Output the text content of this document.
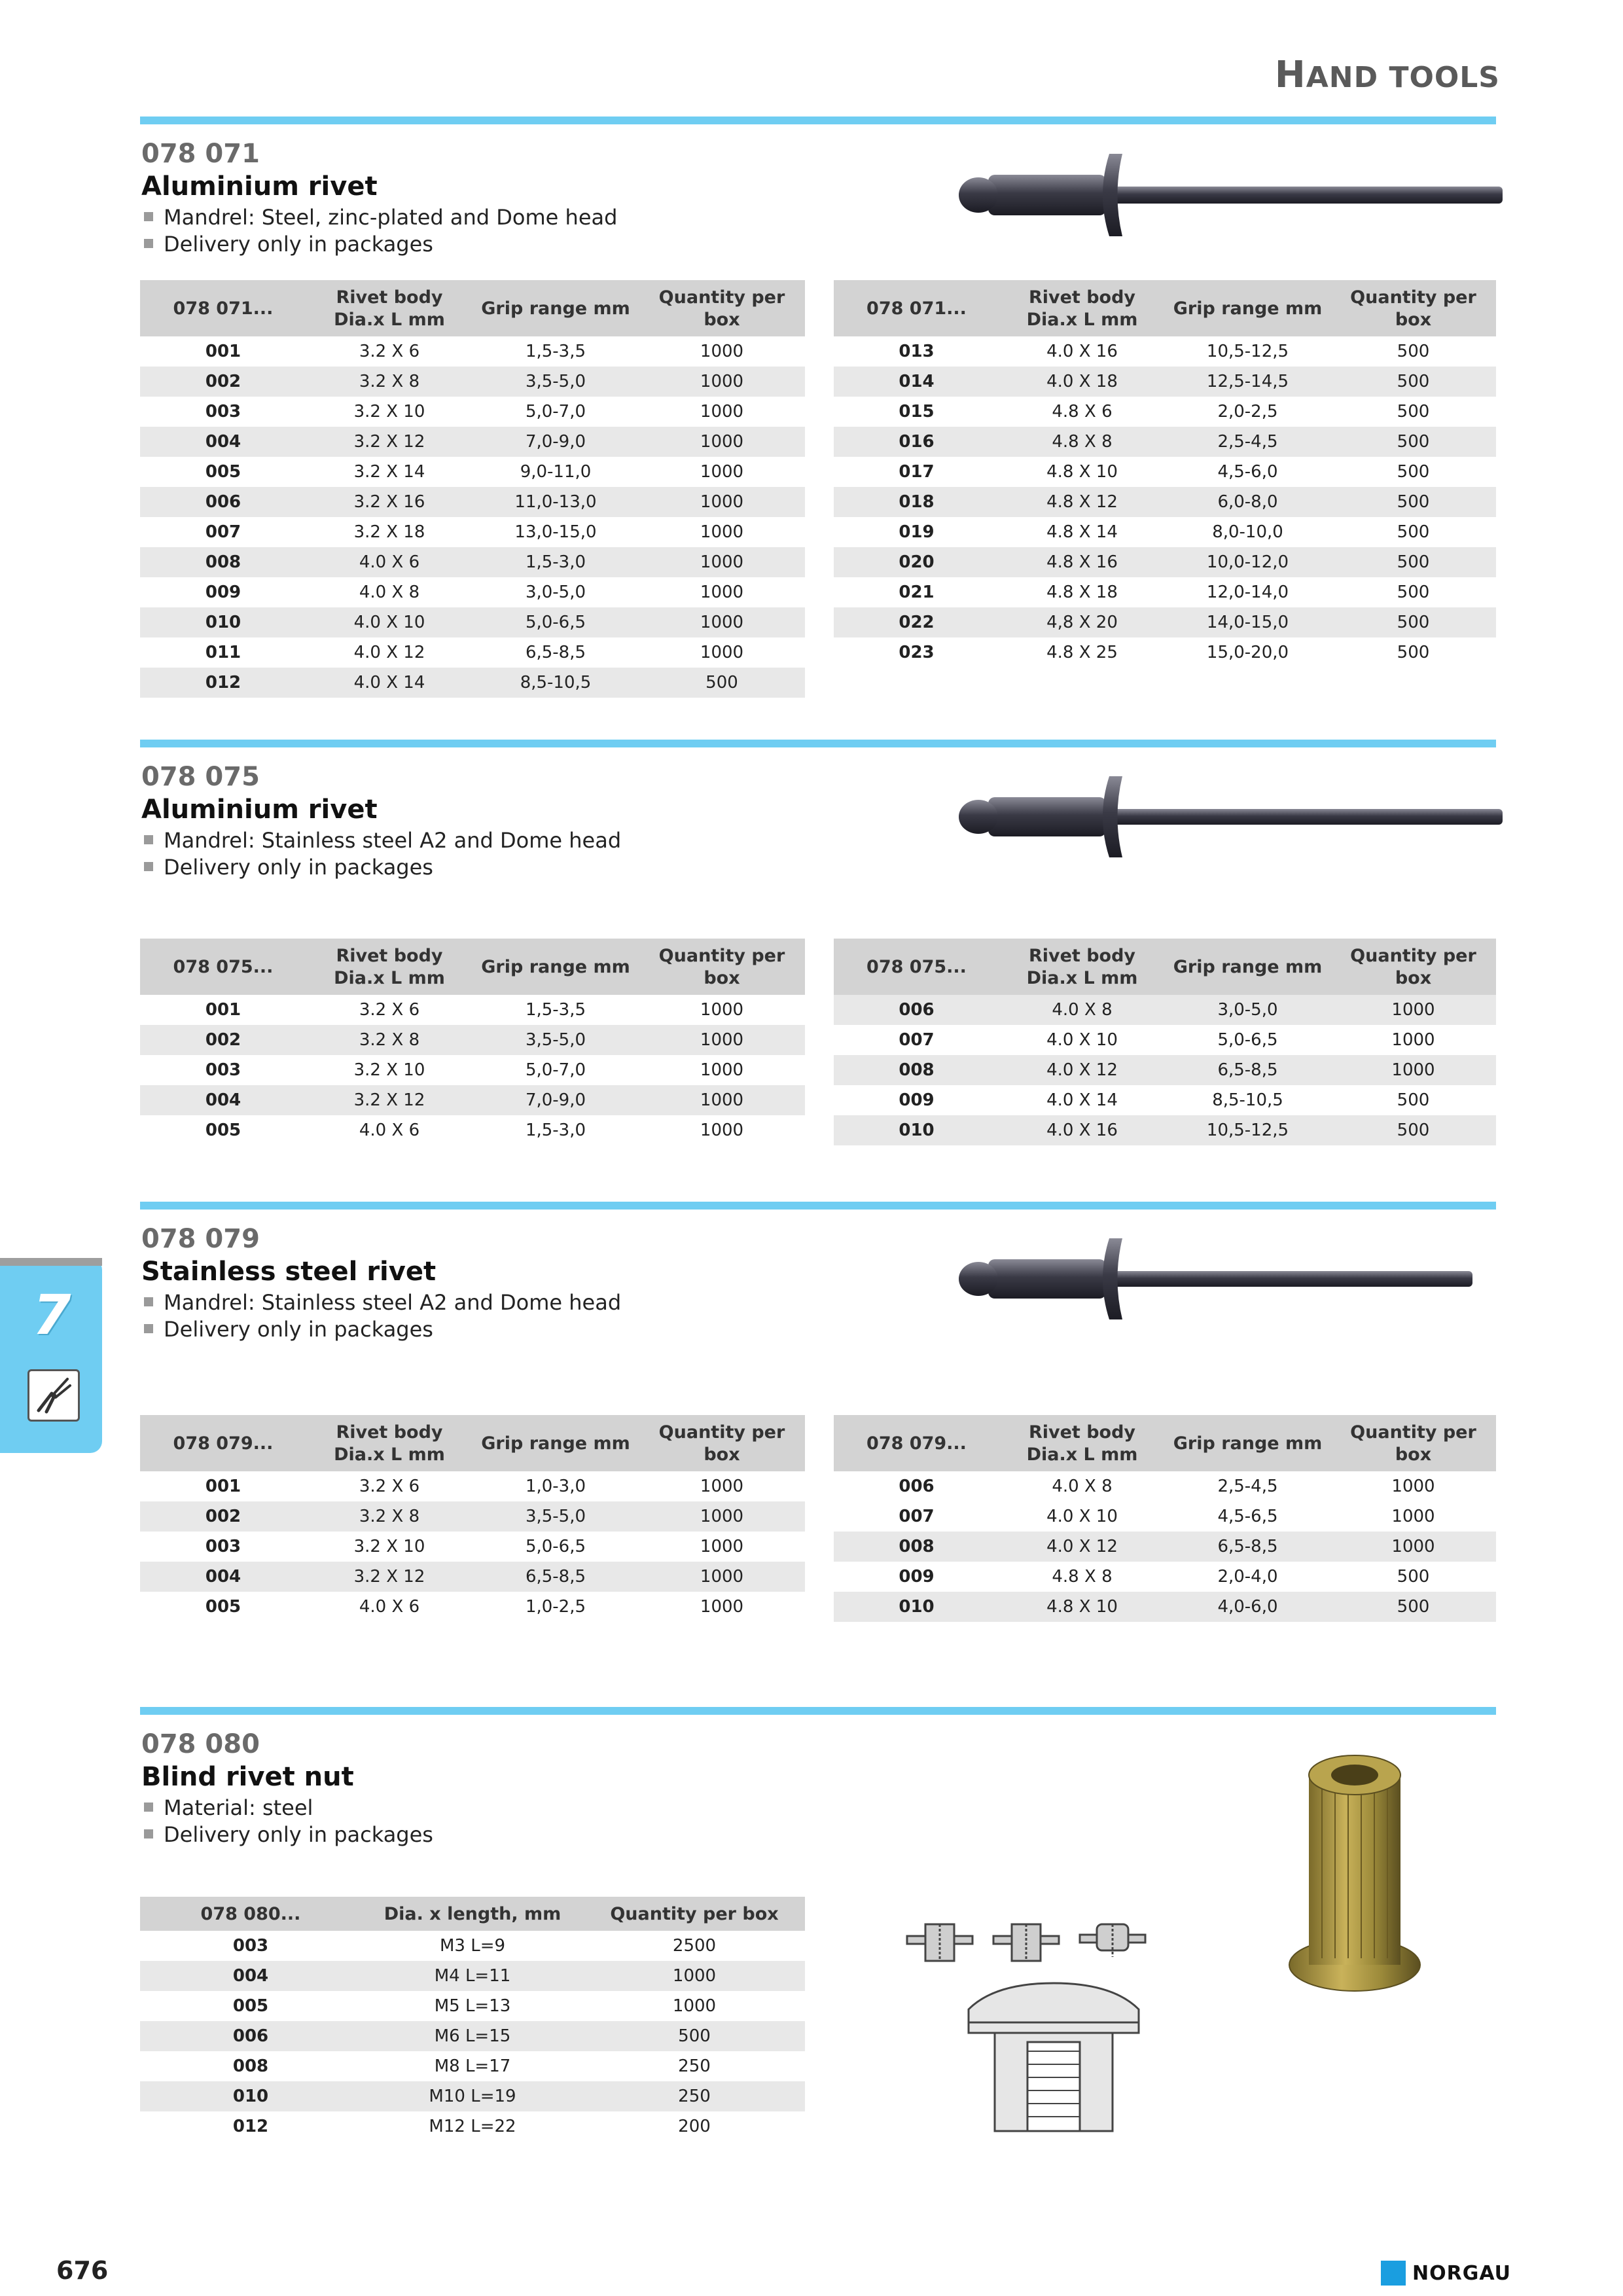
HAND TOOLS
078 071
Aluminium rivet
Mandrel: Steel, zinc-plated and Dome head
Delivery only in packages
078 071...	Rivet body Dia.x L mm	Grip range mm	Quantity per box
001	3.2 X 6	1,5-3,5	1000
002	3.2 X 8	3,5-5,0	1000
003	3.2 X 10	5,0-7,0	1000
004	3.2 X 12	7,0-9,0	1000
005	3.2 X 14	9,0-11,0	1000
006	3.2 X 16	11,0-13,0	1000
007	3.2 X 18	13,0-15,0	1000
008	4.0 X 6	1,5-3,0	1000
009	4.0 X 8	3,0-5,0	1000
010	4.0 X 10	5,0-6,5	1000
011	4.0 X 12	6,5-8,5	1000
012	4.0 X 14	8,5-10,5	500
078 071...	Rivet body Dia.x L mm	Grip range mm	Quantity per box
013	4.0 X 16	10,5-12,5	500
014	4.0 X 18	12,5-14,5	500
015	4.8 X 6	2,0-2,5	500
016	4.8 X 8	2,5-4,5	500
017	4.8 X 10	4,5-6,0	500
018	4.8 X 12	6,0-8,0	500
019	4.8 X 14	8,0-10,0	500
020	4.8 X 16	10,0-12,0	500
021	4.8 X 18	12,0-14,0	500
022	4,8 X 20	14,0-15,0	500
023	4.8 X 25	15,0-20,0	500
078 075
Aluminium rivet
Mandrel: Stainless steel A2 and Dome head
Delivery only in packages
078 075...	Rivet body Dia.x L mm	Grip range mm	Quantity per box
001	3.2 X 6	1,5-3,5	1000
002	3.2 X 8	3,5-5,0	1000
003	3.2 X 10	5,0-7,0	1000
004	3.2 X 12	7,0-9,0	1000
005	4.0 X 6	1,5-3,0	1000
078 075...	Rivet body Dia.x L mm	Grip range mm	Quantity per box
006	4.0 X 8	3,0-5,0	1000
007	4.0 X 10	5,0-6,5	1000
008	4.0 X 12	6,5-8,5	1000
009	4.0 X 14	8,5-10,5	500
010	4.0 X 16	10,5-12,5	500
078 079
Stainless steel rivet
Mandrel: Stainless steel A2 and Dome head
Delivery only in packages
078 079...	Rivet body Dia.x L mm	Grip range mm	Quantity per box
001	3.2 X 6	1,0-3,0	1000
002	3.2 X 8	3,5-5,0	1000
003	3.2 X 10	5,0-6,5	1000
004	3.2 X 12	6,5-8,5	1000
005	4.0 X 6	1,0-2,5	1000
078 079...	Rivet body Dia.x L mm	Grip range mm	Quantity per box
006	4.0 X 8	2,5-4,5	1000
007	4.0 X 10	4,5-6,5	1000
008	4.0 X 12	6,5-8,5	1000
009	4.8 X 8	2,0-4,0	500
010	4.8 X 10	4,0-6,0	500
078 080
Blind rivet nut
Material: steel
Delivery only in packages
078 080...	Dia. x length, mm	Quantity per box
003	M3 L=9	2500
004	M4 L=11	1000
005	M5 L=13	1000
006	M6 L=15	500
008	M8 L=17	250
010	M10 L=19	250
012	M12 L=22	200
7
676	NORGAU
